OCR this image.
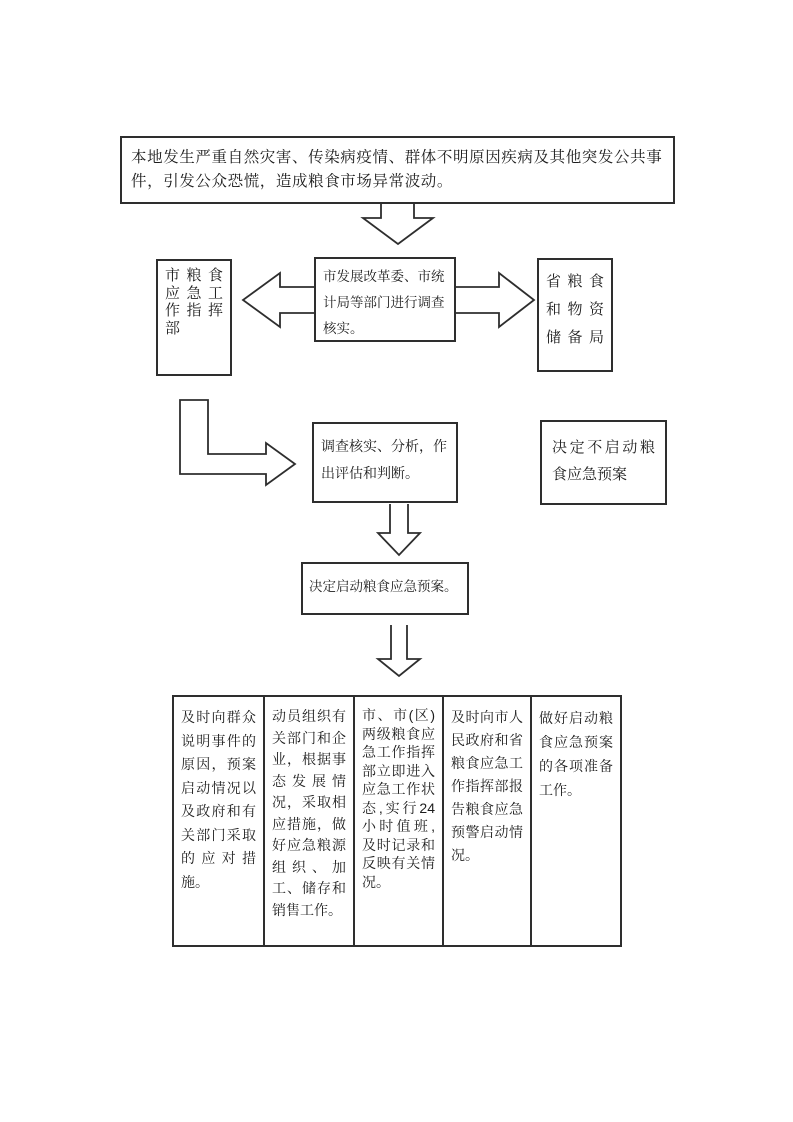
本地发生严重自然灾害、传染病疫情、群体不明原因疾病及其他突发公共事件，引发公众恐慌，造成粮食市场异常波动。
市粮食应急工作指挥部
市发展改革委、市统计局等部门进行调查核实。
省粮食和物资储备局
调查核实、分析，作出评估和判断。
决定不启动粮食应急预案
决定启动粮食应急预案。
及时向群众说明事件的原因，预案启动情况以及政府和有关部门采取的应对措施。
动员组织有关部门和企业，根据事态发展情况，采取相应措施，做好应急粮源组织、加工、储存和销售工作。
市、市(区)两级粮食应急工作指挥部立即进入应急工作状态,实行24小时值班,及时记录和反映有关情况。
及时向市人民政府和省粮食应急工作指挥部报告粮食应急预警启动情况。
做好启动粮食应急预案的各项准备工作。
